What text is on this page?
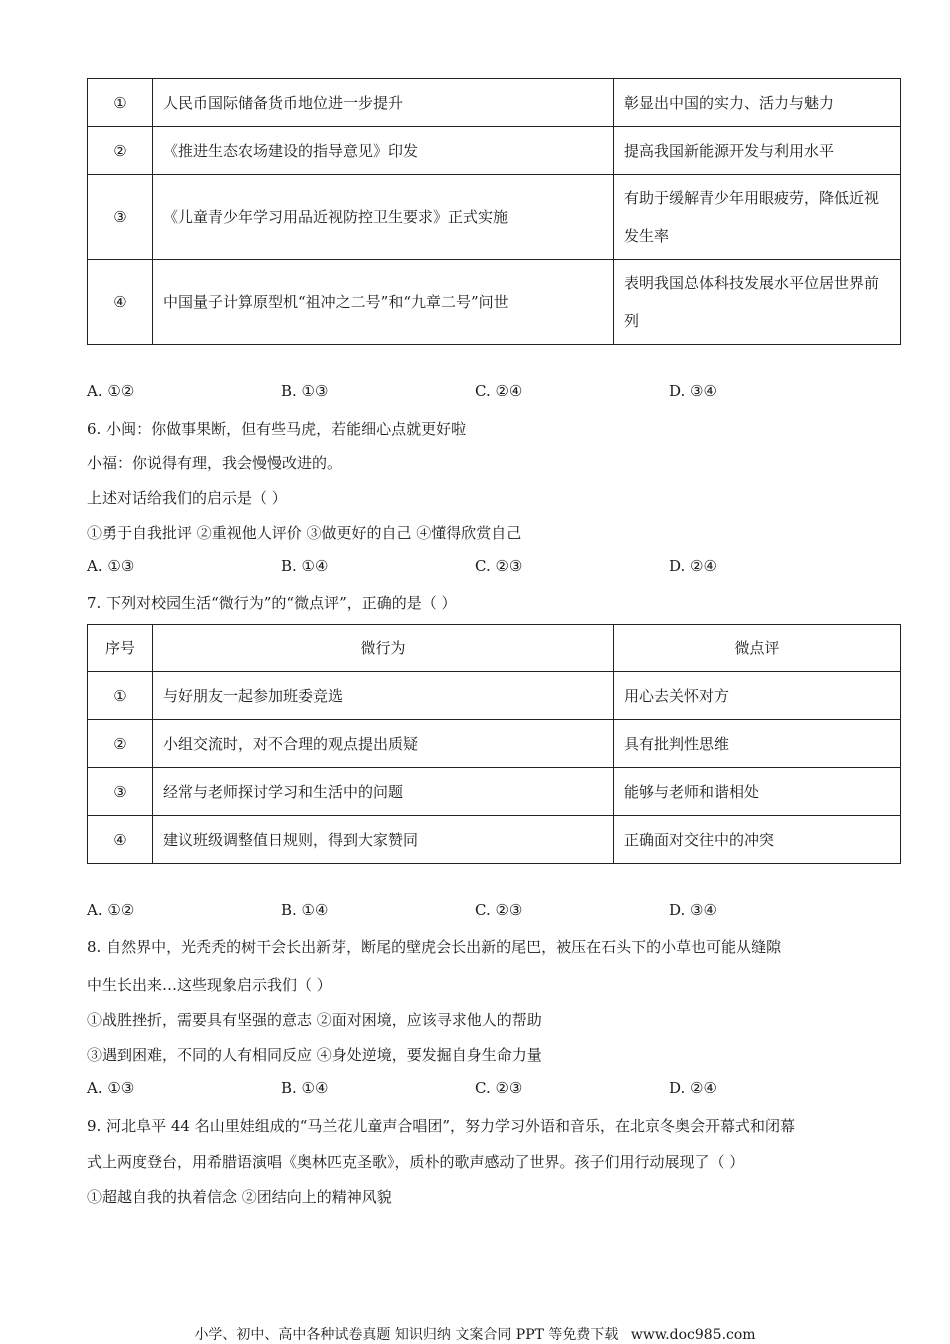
①	人民币国际储备货币地位进一步提升	彰显出中国的实力、活力与魅力
②	《推进生态农场建设的指导意见》印发	提高我国新能源开发与利用水平
③	《儿童青少年学习用品近视防控卫生要求》正式实施	有助于缓解青少年用眼疲劳，降低近视发生率
④	中国量子计算原型机“祖冲之二号”和“九章二号”问世	表明我国总体科技发展水平位居世界前列
A. ①②	B. ①③	C. ②④	D. ③④
6. 小闽：你做事果断，但有些马虎，若能细心点就更好啦
小福：你说得有理，我会慢慢改进的。
上述对话给我们的启示是（ ）
①勇于自我批评 ②重视他人评价 ③做更好的自己 ④懂得欣赏自己
A. ①③	B. ①④	C. ②③	D. ②④
7. 下列对校园生活“微行为”的“微点评”，正确的是（ ）
序号	微行为	微点评
①	与好朋友一起参加班委竞选	用心去关怀对方
②	小组交流时，对不合理的观点提出质疑	具有批判性思维
③	经常与老师探讨学习和生活中的问题	能够与老师和谐相处
④	建议班级调整值日规则，得到大家赞同	正确面对交往中的冲突
A. ①②	B. ①④	C. ②③	D. ③④
8. 自然界中，光秃秃的树干会长出新芽，断尾的壁虎会长出新的尾巴，被压在石头下的小草也可能从缝隙
中生长出来…这些现象启示我们（ ）
①战胜挫折，需要具有坚强的意志 ②面对困境，应该寻求他人的帮助
③遇到困难，不同的人有相同反应 ④身处逆境，要发掘自身生命力量
A. ①③	B. ①④	C. ②③	D. ②④
9. 河北阜平 44 名山里娃组成的“马兰花儿童声合唱团”，努力学习外语和音乐，在北京冬奥会开幕式和闭幕
式上两度登台，用希腊语演唱《奥林匹克圣歌》，质朴的歌声感动了世界。孩子们用行动展现了（ ）
①超越自我的执着信念 ②团结向上的精神风貌
小学、初中、高中各种试卷真题 知识归纳 文案合同 PPT 等免费下载 www.doc985.com
